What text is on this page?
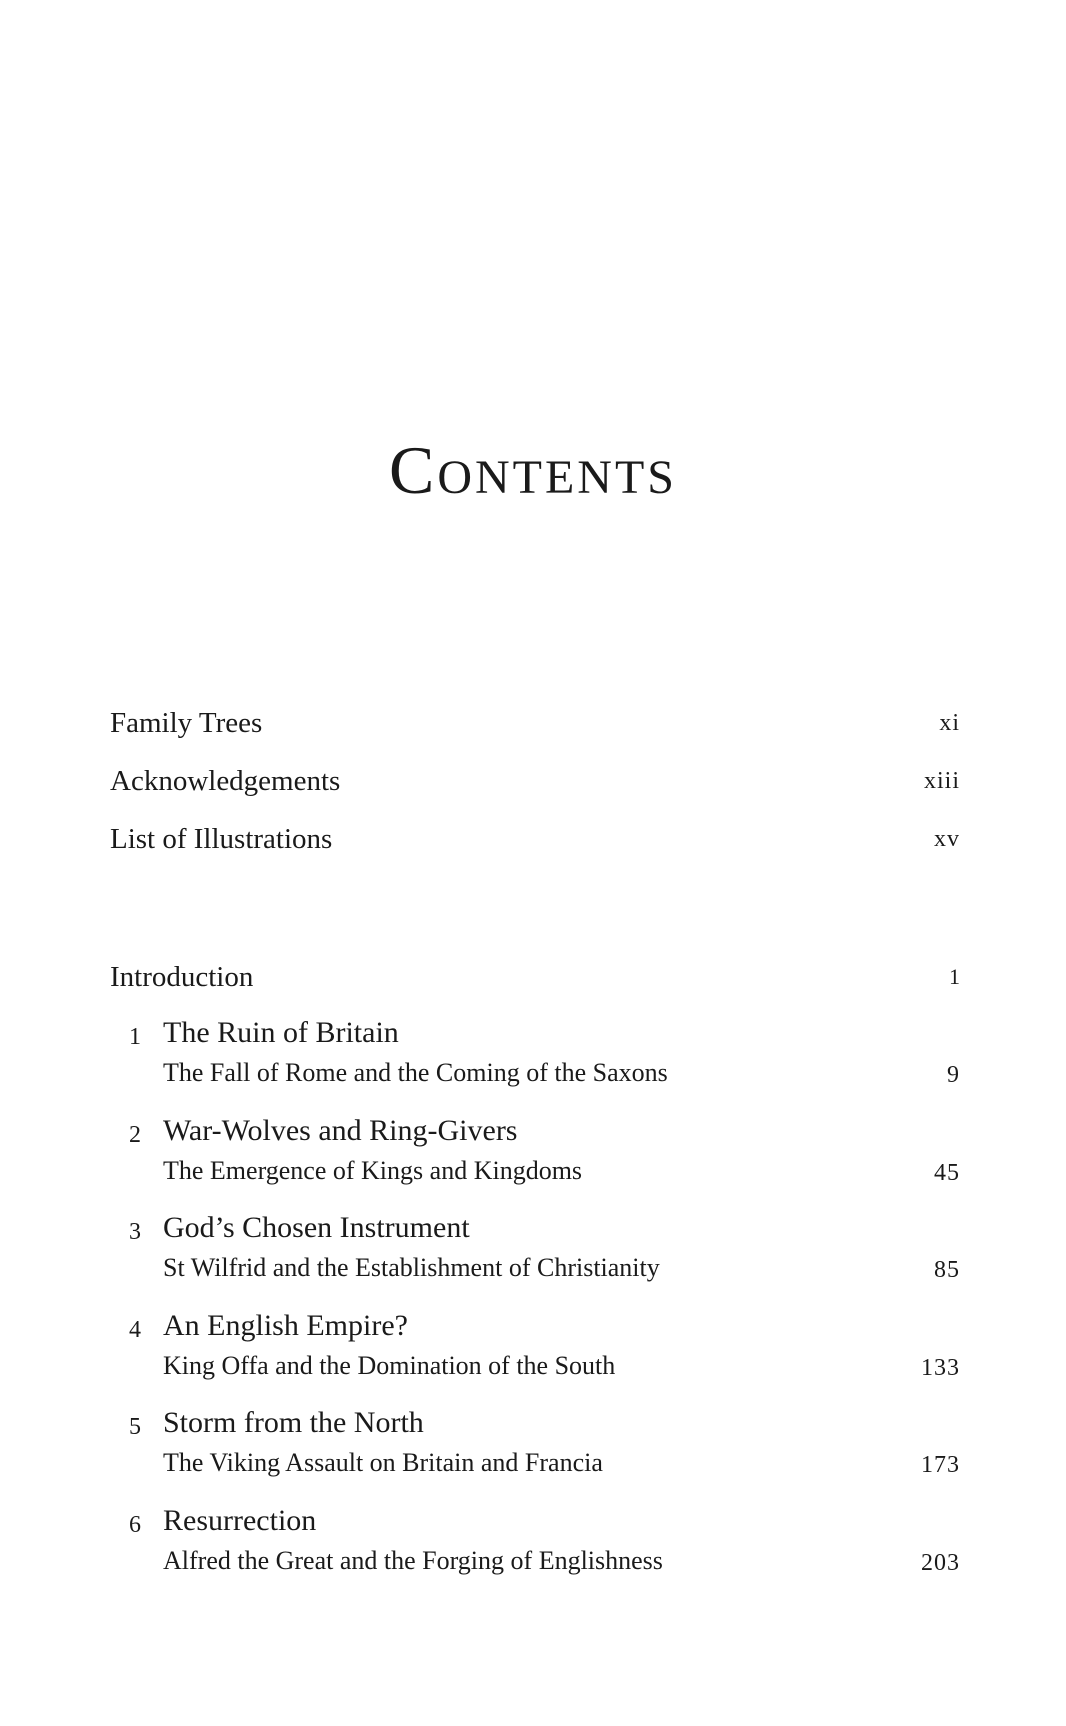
Contents
Family Trees	xi
Acknowledgements	xiii
List of Illustrations	xv
Introduction	1
1 The Ruin of Britain
The Fall of Rome and the Coming of the Saxons	9
2 War-Wolves and Ring-Givers
The Emergence of Kings and Kingdoms	45
3 God’s Chosen Instrument
St Wilfrid and the Establishment of Christianity	85
4 An English Empire?
King Offa and the Domination of the South	133
5 Storm from the North
The Viking Assault on Britain and Francia	173
6 Resurrection
Alfred the Great and the Forging of Englishness	203
